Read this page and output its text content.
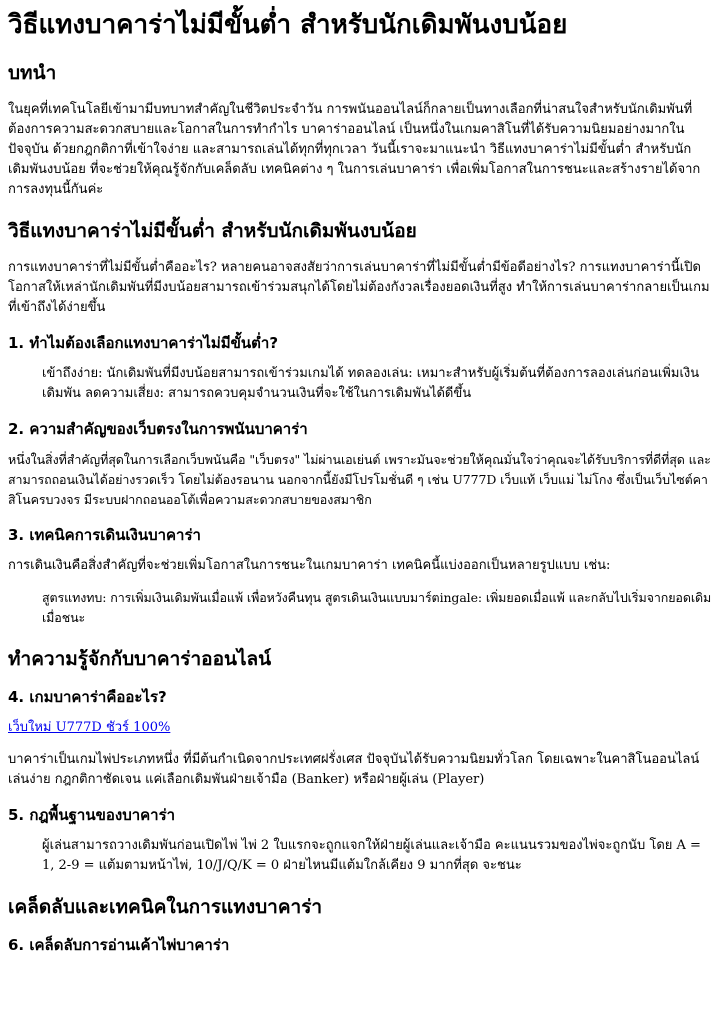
วิธีแทงบาคาร่าไม่มีขั้นต่ำ สำหรับนักเดิมพันงบน้อย
บทนำ

ในยุคที่เทคโนโลยีเข้ามามีบทบาทสำคัญในชีวิตประจำวัน การพนันออนไลน์ก็กลายเป็นทางเลือกที่น่าสนใจสำหรับนักเดิมพันที่ต้องการความสะดวกสบายและโอกาสในการทำกำไร บาคาร่าออนไลน์ เป็นหนึ่งในเกมคาสิโนที่ได้รับความนิยมอย่างมากในปัจจุบัน ด้วยกฎกติกาที่เข้าใจง่าย และสามารถเล่นได้ทุกที่ทุกเวลา วันนี้เราจะมาแนะนำ วิธีแทงบาคาร่าไม่มีขั้นต่ำ สำหรับนักเดิมพันงบน้อย ที่จะช่วยให้คุณรู้จักกับเคล็ดลับ เทคนิคต่าง ๆ ในการเล่นบาคาร่า เพื่อเพิ่มโอกาสในการชนะและสร้างรายได้จากการลงทุนนี้กันค่ะ

วิธีแทงบาคาร่าไม่มีขั้นต่ำ สำหรับนักเดิมพันงบน้อย

การแทงบาคาร่าที่ไม่มีขั้นต่ำคืออะไร? หลายคนอาจสงสัยว่าการเล่นบาคาร่าที่ไม่มีขั้นต่ำมีข้อดีอย่างไร? การแทงบาคาร่านี้เปิดโอกาสให้เหล่านักเดิมพันที่มีงบน้อยสามารถเข้าร่วมสนุกได้โดยไม่ต้องกังวลเรื่องยอดเงินที่สูง ทำให้การเล่นบาคาร่ากลายเป็นเกมที่เข้าถึงได้ง่ายขึ้น

1. ทำไมต้องเลือกแทงบาคาร่าไม่มีขั้นต่ำ?
เข้าถึงง่าย: นักเดิมพันที่มีงบน้อยสามารถเข้าร่วมเกมได้ ทดลองเล่น: เหมาะสำหรับผู้เริ่มต้นที่ต้องการลองเล่นก่อนเพิ่มเงินเดิมพัน ลดความเสี่ยง: สามารถควบคุมจำนวนเงินที่จะใช้ในการเดิมพันได้ดีขึ้น
2. ความสำคัญของเว็บตรงในการพนันบาคาร่า

หนึ่งในสิ่งที่สำคัญที่สุดในการเลือกเว็บพนันคือ "เว็บตรง" ไม่ผ่านเอเย่นต์ เพราะมันจะช่วยให้คุณมั่นใจว่าคุณจะได้รับบริการที่ดีที่สุด และสามารถถอนเงินได้อย่างรวดเร็ว โดยไม่ต้องรอนาน นอกจากนี้ยังมีโปรโมชั่นดี ๆ เช่น U777D เว็บแท้ เว็บแม่ ไม่โกง ซึ่งเป็นเว็บไซต์คาสิโนครบวงจร มีระบบฝากถอนออโต้เพื่อความสะดวกสบายของสมาชิก

3. เทคนิคการเดินเงินบาคาร่า

การเดินเงินคือสิ่งสำคัญที่จะช่วยเพิ่มโอกาสในการชนะในเกมบาคาร่า เทคนิคนี้แบ่งออกเป็นหลายรูปแบบ เช่น:

สูตรแทงทบ: การเพิ่มเงินเดิมพันเมื่อแพ้ เพื่อหวังคืนทุน สูตรเดินเงินแบบมาร์ตingale: เพิ่มยอดเมื่อแพ้ และกลับไปเริ่มจากยอดเดิมเมื่อชนะ
ทำความรู้จักกับบาคาร่าออนไลน์
4. เกมบาคาร่าคืออะไร?

เว็บใหม่ U777D ชัวร์ 100%

บาคาร่าเป็นเกมไพ่ประเภทหนึ่ง ที่มีต้นกำเนิดจากประเทศฝรั่งเศส ปัจจุบันได้รับความนิยมทั่วโลก โดยเฉพาะในคาสิโนออนไลน์ เล่นง่าย กฎกติกาชัดเจน แค่เลือกเดิมพันฝ่ายเจ้ามือ (Banker) หรือฝ่ายผู้เล่น (Player)

5. กฎพื้นฐานของบาคาร่า
ผู้เล่นสามารถวางเดิมพันก่อนเปิดไพ่ ไพ่ 2 ใบแรกจะถูกแจกให้ฝ่ายผู้เล่นและเจ้ามือ คะแนนรวมของไพ่จะถูกนับ โดย A = 1, 2-9 = แต้มตามหน้าไพ่, 10/J/Q/K = 0 ฝ่ายไหนมีแต้มใกล้เคียง 9 มากที่สุด จะชนะ
เคล็ดลับและเทคนิคในการแทงบาคาร่า
6. เคล็ดลับการอ่านเค้าไพ่บาคาร่า
